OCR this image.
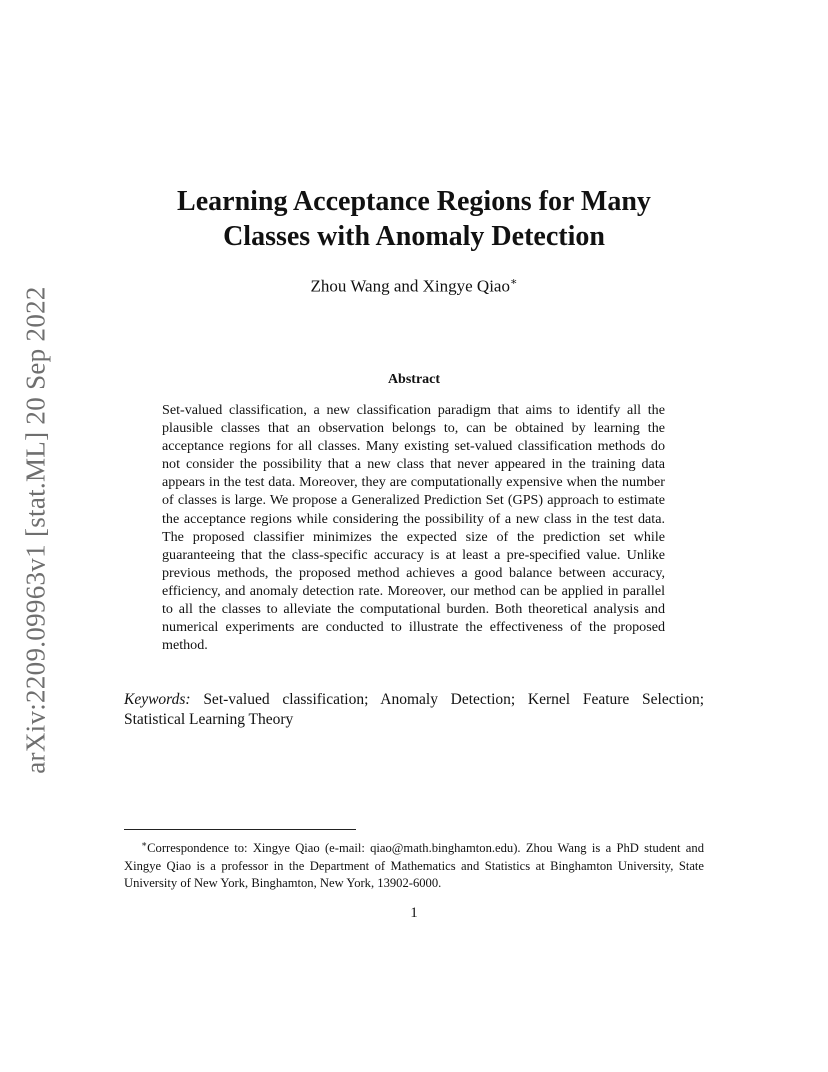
arXiv:2209.09963v1 [stat.ML] 20 Sep 2022
Learning Acceptance Regions for Many
Classes with Anomaly Detection
Zhou Wang and Xingye Qiao∗
Abstract
Set-valued classification, a new classification paradigm that aims to identify all the plausible classes that an observation belongs to, can be obtained by learning the acceptance regions for all classes. Many existing set-valued classification methods do not consider the possibility that a new class that never appeared in the training data appears in the test data. Moreover, they are computationally expensive when the number of classes is large. We propose a Generalized Prediction Set (GPS) approach to estimate the acceptance regions while considering the possibility of a new class in the test data. The proposed classifier minimizes the expected size of the prediction set while guaranteeing that the class-specific accuracy is at least a pre-specified value. Unlike previous methods, the proposed method achieves a good balance between accuracy, efficiency, and anomaly detection rate. Moreover, our method can be applied in parallel to all the classes to alleviate the computational burden. Both theoretical analysis and numerical experiments are conducted to illustrate the effectiveness of the proposed method.
Keywords: Set-valued classification; Anomaly Detection; Kernel Feature Selection; Statistical Learning Theory
∗Correspondence to: Xingye Qiao (e-mail: qiao@math.binghamton.edu). Zhou Wang is a PhD student and Xingye Qiao is a professor in the Department of Mathematics and Statistics at Binghamton University, State University of New York, Binghamton, New York, 13902-6000.
1
